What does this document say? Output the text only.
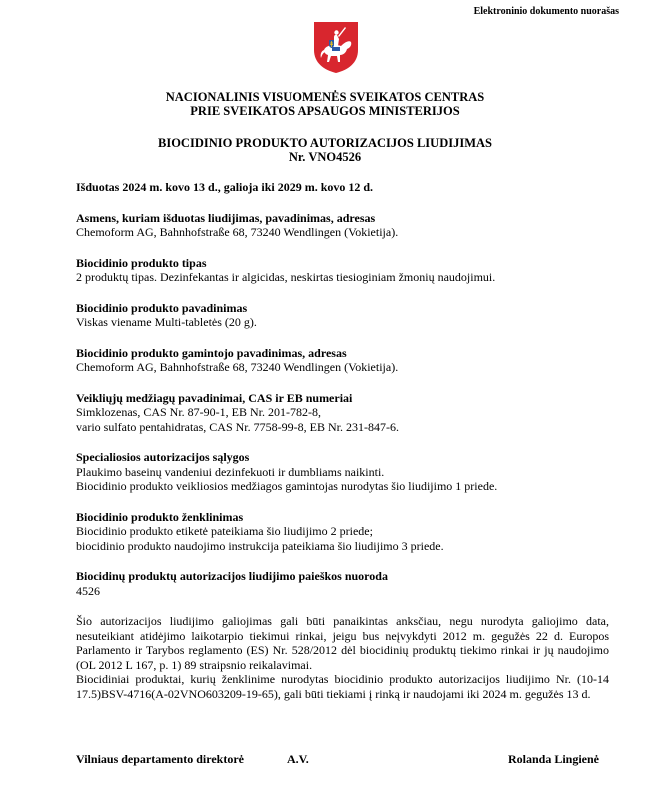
Elektroninio dokumento nuorašas
NACIONALINIS VISUOMENĖS SVEIKATOS CENTRAS
PRIE SVEIKATOS APSAUGOS MINISTERIJOS
BIOCIDINIO PRODUKTO AUTORIZACIJOS LIUDIJIMAS
Nr. VNO4526
Išduotas 2024 m. kovo 13 d., galioja iki 2029 m. kovo 12 d.
Asmens, kuriam išduotas liudijimas, pavadinimas, adresas
Chemoform AG, Bahnhofstraße 68, 73240 Wendlingen (Vokietija).
Biocidinio produkto tipas
2 produktų tipas. Dezinfekantas ir algicidas, neskirtas tiesioginiam žmonių naudojimui.
Biocidinio produkto pavadinimas
Viskas viename Multi-tabletės (20 g).
Biocidinio produkto gamintojo pavadinimas, adresas
Chemoform AG, Bahnhofstraße 68, 73240 Wendlingen (Vokietija).
Veikliųjų medžiagų pavadinimai, CAS ir EB numeriai
Simklozenas, CAS Nr. 87-90-1, EB Nr. 201-782-8,
vario sulfato pentahidratas, CAS Nr. 7758-99-8, EB Nr. 231-847-6.
Specialiosios autorizacijos sąlygos
Plaukimo baseinų vandeniui dezinfekuoti ir dumbliams naikinti.
Biocidinio produkto veikliosios medžiagos gamintojas nurodytas šio liudijimo 1 priede.
Biocidinio produkto ženklinimas
Biocidinio produkto etiketė pateikiama šio liudijimo 2 priede;
biocidinio produkto naudojimo instrukcija pateikiama šio liudijimo 3 priede.
Biocidinų produktų autorizacijos liudijimo paieškos nuoroda
4526

Šio autorizacijos liudijimo galiojimas gali būti panaikintas anksčiau, negu nurodyta galiojimo data, nesuteikiant atidėjimo laikotarpio tiekimui rinkai, jeigu bus neįvykdyti 2012 m. gegužės 22 d. Europos Parlamento ir Tarybos reglamento (ES) Nr. 528/2012 dėl biocidinių produktų tiekimo rinkai ir jų naudojimo (OL 2012 L 167, p. 1) 89 straipsnio reikalavimai.

Biocidiniai produktai, kurių ženklinime nurodytas biocidinio produkto autorizacijos liudijimo Nr. (10-14 17.5)BSV-4716(A-02VNO603209-19-65), gali būti tiekiami į rinką ir naudojami iki 2024 m. gegužės 13 d.

Vilniaus departamento direktorė	A.V.	Rolanda Lingienė
